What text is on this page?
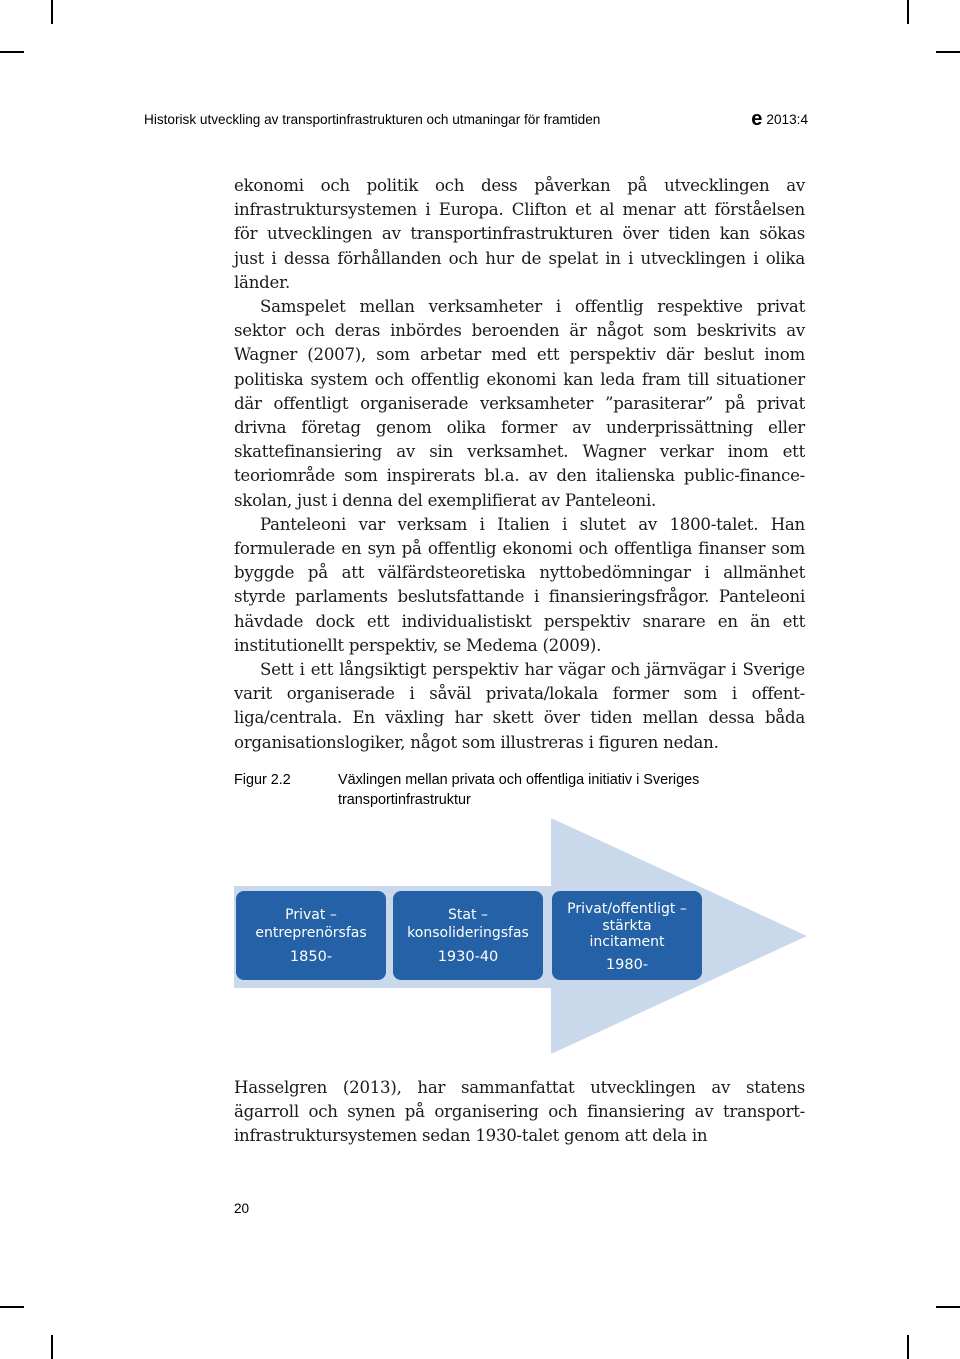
Historisk utveckling av transportinfrastrukturen och utmaningar för framtiden	e 2013:4

ekonomi och politik och dess påverkan på utvecklingen av infrastruktursystemen i Europa. Clifton et al menar att förståelsen för utvecklingen av transportinfrastrukturen över tiden kan sökas just i dessa förhållanden och hur de spelat in i utvecklingen i olika länder.

Samspelet mellan verksamheter i offentlig respektive privat sektor och deras inbördes beroenden är något som beskrivits av Wagner (2007), som arbetar med ett perspektiv där beslut inom politiska system och offentlig ekonomi kan leda fram till situationer där offentligt organiserade verksamheter ”parasiterar” på privat drivna företag genom olika former av underprissättning eller skattefinansiering av sin verksamhet. Wagner verkar inom ett teoriområde som inspirerats bl.a. av den italienska public-finance-skolan, just i denna del exemplifierat av Panteleoni.

Panteleoni var verksam i Italien i slutet av 1800-talet. Han formulerade en syn på offentlig ekonomi och offentliga finanser som byggde på att välfärdsteoretiska nyttobedömningar i allmänhet styrde parlaments beslutsfattande i finansieringsfrågor. Panteleoni hävdade dock ett individualistiskt perspektiv snarare en än ett institutionellt perspektiv, se Medema (2009).

Sett i ett långsiktigt perspektiv har vägar och järnvägar i Sverige varit organiserade i såväl privata/lokala former som i offent-liga/centrala. En växling har skett över tiden mellan dessa båda organisationslogiker, något som illustreras i figuren nedan.

Figur 2.2	Växlingen mellan privata och offentliga initiativ i Sveriges transportinfrastruktur
Privat –
entreprenörsfas
1850-
Stat –
konsolideringsfas
1930-40
Privat/offentligt –
stärkta
incitament
1980-

Hasselgren (2013), har sammanfattat utvecklingen av statens ägarroll och synen på organisering och finansiering av transport-infrastruktursystemen sedan 1930-talet genom att dela in

20
